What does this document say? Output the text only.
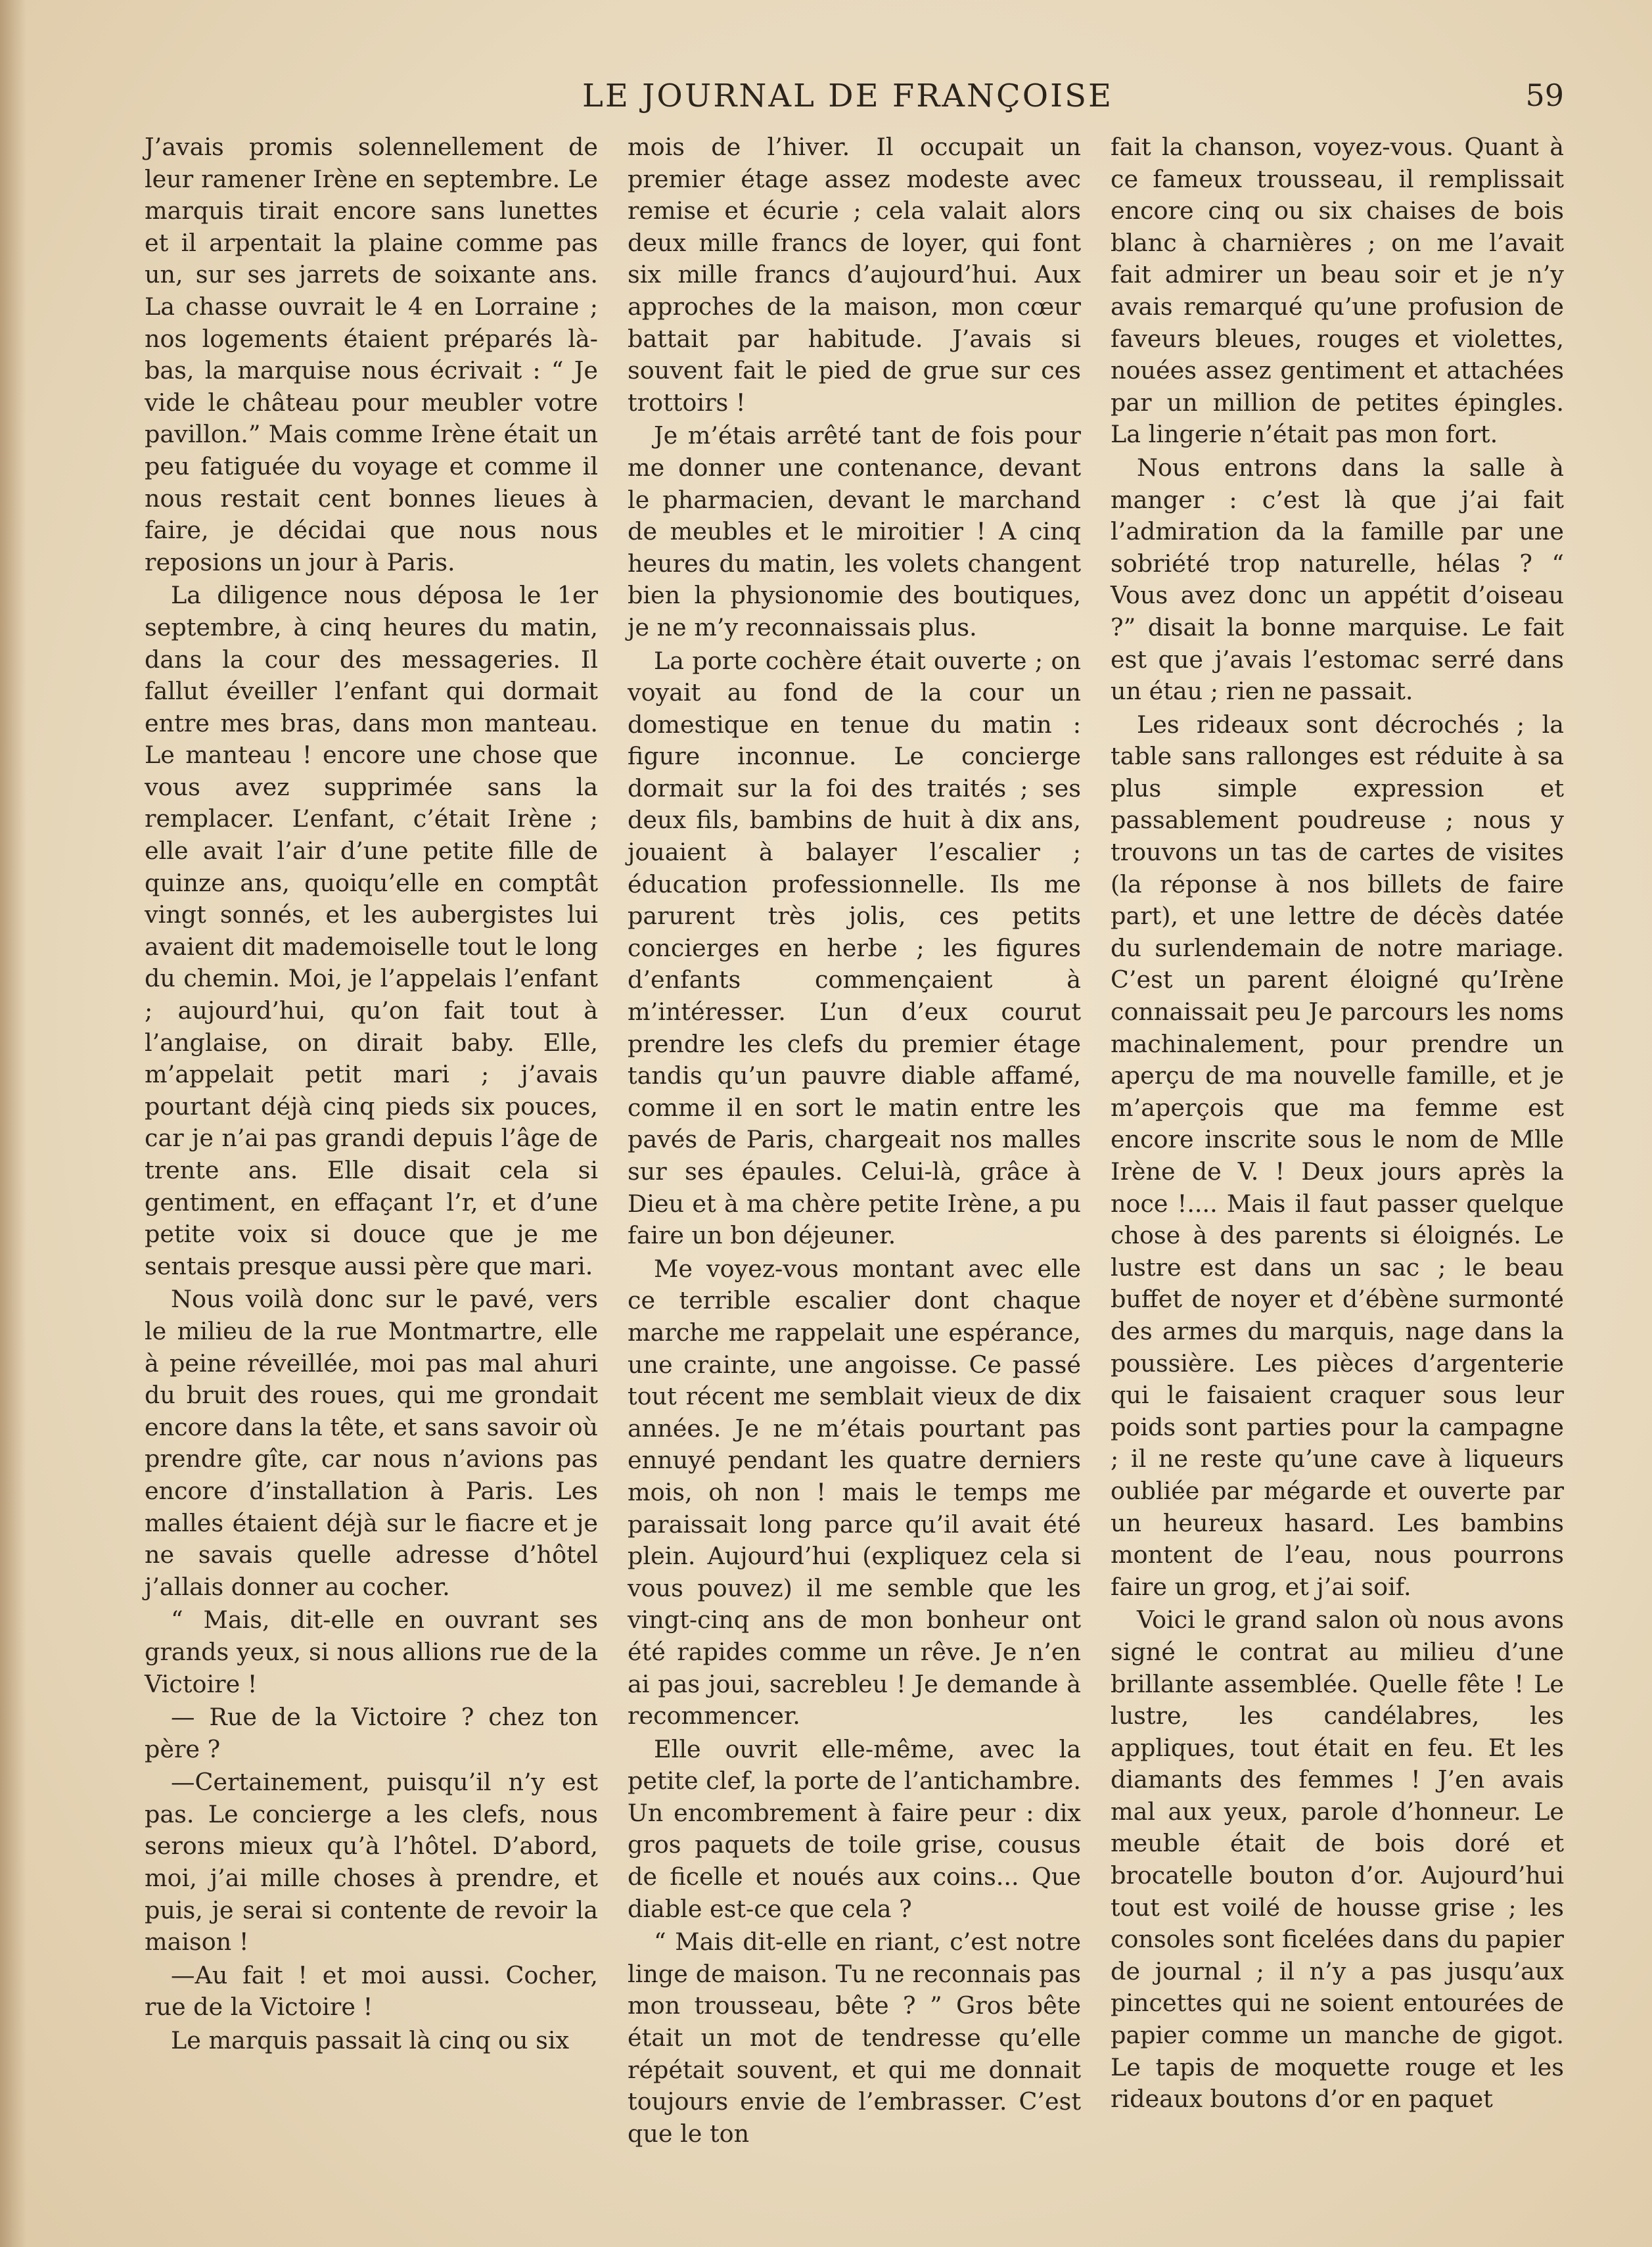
LE JOURNAL DE FRANÇOISE	59

J’avais promis solennellement de leur ramener Irène en septembre. Le marquis tirait encore sans lunettes et il arpentait la plaine comme pas un, sur ses jarrets de soixante ans. La chasse ouvrait le 4 en Lorraine ; nos logements étaient préparés là-bas, la marquise nous écrivait : “ Je vide le château pour meubler votre pavillon.” Mais comme Irène était un peu fatiguée du voyage et comme il nous restait cent bonnes lieues à faire, je décidai que nous nous reposions un jour à Paris.

La diligence nous déposa le 1er septembre, à cinq heures du matin, dans la cour des messageries. Il fallut éveiller l’enfant qui dormait entre mes bras, dans mon manteau. Le manteau ! encore une chose que vous avez supprimée sans la remplacer. L’enfant, c’était Irène ; elle avait l’air d’une petite fille de quinze ans, quoiqu’elle en comptât vingt sonnés, et les aubergistes lui avaient dit mademoiselle tout le long du chemin. Moi, je l’appelais l’enfant ; aujourd’hui, qu’on fait tout à l’anglaise, on dirait baby. Elle, m’appelait petit mari ; j’avais pourtant déjà cinq pieds six pouces, car je n’ai pas grandi depuis l’âge de trente ans. Elle disait cela si gentiment, en effaçant l’r, et d’une petite voix si douce que je me sentais presque aussi père que mari.

Nous voilà donc sur le pavé, vers le milieu de la rue Montmartre, elle à peine réveillée, moi pas mal ahuri du bruit des roues, qui me grondait encore dans la tête, et sans savoir où prendre gîte, car nous n’avions pas encore d’installation à Paris. Les malles étaient déjà sur le fiacre et je ne savais quelle adresse d’hôtel j’allais donner au cocher.

“ Mais, dit-elle en ouvrant ses grands yeux, si nous allions rue de la Victoire !

— Rue de la Victoire ? chez ton père ?

—Certainement, puisqu’il n’y est pas. Le concierge a les clefs, nous serons mieux qu’à l’hôtel. D’abord, moi, j’ai mille choses à prendre, et puis, je serai si contente de revoir la maison !

—Au fait ! et moi aussi. Cocher, rue de la Victoire !

Le marquis passait là cinq ou six

mois de l’hiver. Il occupait un premier étage assez modeste avec remise et écurie ; cela valait alors deux mille francs de loyer, qui font six mille francs d’aujourd’hui. Aux approches de la maison, mon cœur battait par habitude. J’avais si souvent fait le pied de grue sur ces trottoirs !

Je m’étais arrêté tant de fois pour me donner une contenance, devant le pharmacien, devant le marchand de meubles et le miroitier ! A cinq heures du matin, les volets changent bien la physionomie des boutiques, je ne m’y reconnaissais plus.

La porte cochère était ouverte ; on voyait au fond de la cour un domestique en tenue du matin : figure inconnue. Le concierge dormait sur la foi des traités ; ses deux fils, bambins de huit à dix ans, jouaient à balayer l’escalier ; éducation professionnelle. Ils me parurent très jolis, ces petits concierges en herbe ; les figures d’enfants commençaient à m’intéresser. L’un d’eux courut prendre les clefs du premier étage tandis qu’un pauvre diable affamé, comme il en sort le matin entre les pavés de Paris, chargeait nos malles sur ses épaules. Celui-là, grâce à Dieu et à ma chère petite Irène, a pu faire un bon déjeuner.

Me voyez-vous montant avec elle ce terrible escalier dont chaque marche me rappelait une espérance, une crainte, une angoisse. Ce passé tout récent me semblait vieux de dix années. Je ne m’étais pourtant pas ennuyé pendant les quatre derniers mois, oh non ! mais le temps me paraissait long parce qu’il avait été plein. Aujourd’hui (expliquez cela si vous pouvez) il me semble que les vingt-cinq ans de mon bonheur ont été rapides comme un rêve. Je n’en ai pas joui, sacrebleu ! Je demande à recommencer.

Elle ouvrit elle-même, avec la petite clef, la porte de l’antichambre. Un encombrement à faire peur : dix gros paquets de toile grise, cousus de ficelle et noués aux coins... Que diable est-ce que cela ?

“ Mais dit-elle en riant, c’est notre linge de maison. Tu ne reconnais pas mon trousseau, bête ? ” Gros bête était un mot de tendresse qu’elle répétait souvent, et qui me donnait toujours envie de l’embrasser. C’est que le ton

fait la chanson, voyez-vous. Quant à ce fameux trousseau, il remplissait encore cinq ou six chaises de bois blanc à charnières ; on me l’avait fait admirer un beau soir et je n’y avais remarqué qu’une profusion de faveurs bleues, rouges et violettes, nouées assez gentiment et attachées par un million de petites épingles. La lingerie n’était pas mon fort.

Nous entrons dans la salle à manger : c’est là que j’ai fait l’admiration da la famille par une sobriété trop naturelle, hélas ? “ Vous avez donc un appétit d’oiseau ?” disait la bonne marquise. Le fait est que j’avais l’estomac serré dans un étau ; rien ne passait.

Les rideaux sont décrochés ; la table sans rallonges est réduite à sa plus simple expression et passablement poudreuse ; nous y trouvons un tas de cartes de visites (la réponse à nos billets de faire part), et une lettre de décès datée du surlendemain de notre mariage. C’est un parent éloigné qu’Irène connaissait peu Je parcours les noms machinalement, pour prendre un aperçu de ma nouvelle famille, et je m’aperçois que ma femme est encore inscrite sous le nom de Mlle Irène de V. ! Deux jours après la noce !.... Mais il faut passer quelque chose à des parents si éloignés. Le lustre est dans un sac ; le beau buffet de noyer et d’ébène surmonté des armes du marquis, nage dans la poussière. Les pièces d’argenterie qui le faisaient craquer sous leur poids sont parties pour la campagne ; il ne reste qu’une cave à liqueurs oubliée par mégarde et ouverte par un heureux hasard. Les bambins montent de l’eau, nous pourrons faire un grog, et j’ai soif.

Voici le grand salon où nous avons signé le contrat au milieu d’une brillante assemblée. Quelle fête ! Le lustre, les candélabres, les appliques, tout était en feu. Et les diamants des femmes ! J’en avais mal aux yeux, parole d’honneur. Le meuble était de bois doré et brocatelle bouton d’or. Aujourd’hui tout est voilé de housse grise ; les consoles sont ficelées dans du papier de journal ; il n’y a pas jusqu’aux pincettes qui ne soient entourées de papier comme un manche de gigot. Le tapis de moquette rouge et les rideaux boutons d’or en paquet
